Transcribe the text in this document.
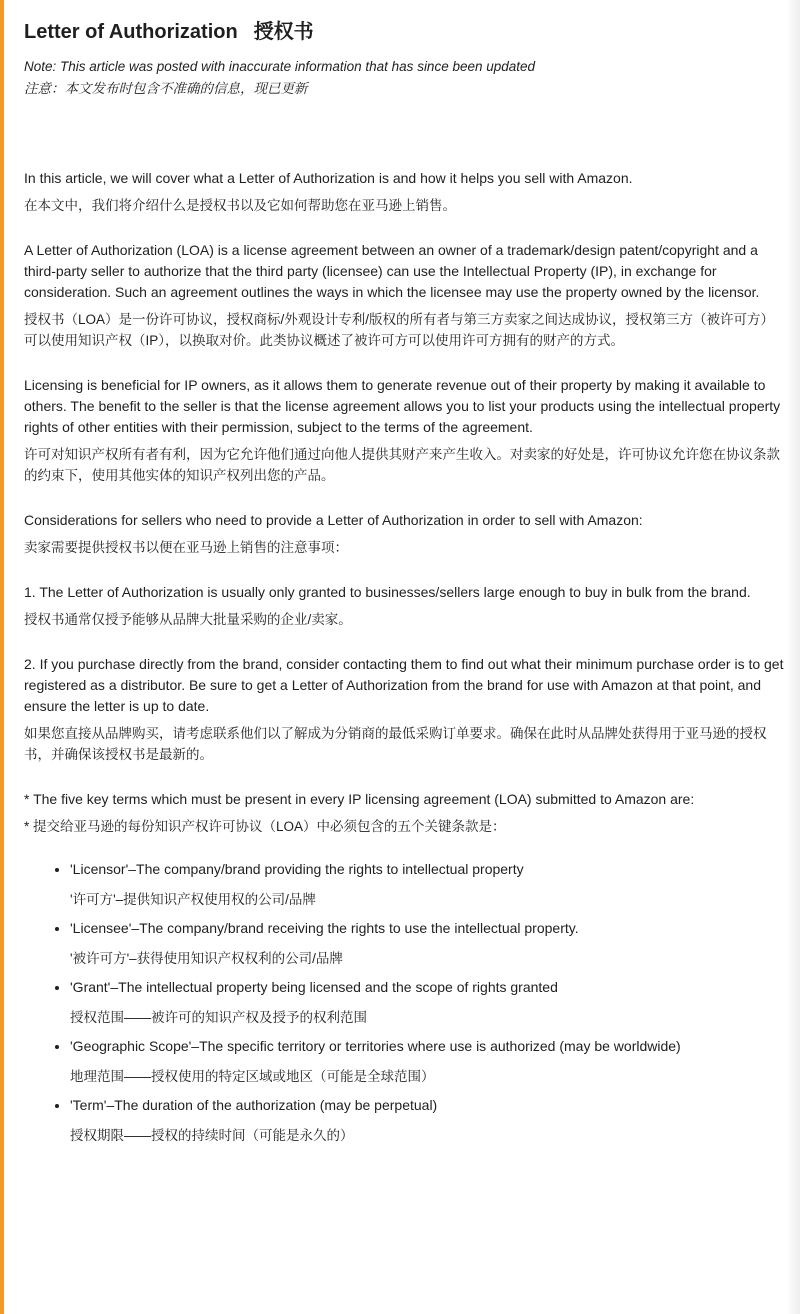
Letter of Authorization 授权书

Note: This article was posted with inaccurate information that has since been updated

注意：本文发布时包含不准确的信息，现已更新

In this article, we will cover what a Letter of Authorization is and how it helps you sell with Amazon.

在本文中，我们将介绍什么是授权书以及它如何帮助您在亚马逊上销售。

A Letter of Authorization (LOA) is a license agreement between an owner of a trademark/design patent/copyright and a third-party seller to authorize that the third party (licensee) can use the Intellectual Property (IP), in exchange for consideration. Such an agreement outlines the ways in which the licensee may use the property owned by the licensor.

授权书（LOA）是一份许可协议，授权商标/外观设计专利/版权的所有者与第三方卖家之间达成协议，授权第三方（被许可方）可以使用知识产权（IP），以换取对价。此类协议概述了被许可方可以使用许可方拥有的财产的方式。

Licensing is beneficial for IP owners, as it allows them to generate revenue out of their property by making it available to others. The benefit to the seller is that the license agreement allows you to list your products using the intellectual property rights of other entities with their permission, subject to the terms of the agreement.

许可对知识产权所有者有利，因为它允许他们通过向他人提供其财产来产生收入。对卖家的好处是，许可协议允许您在协议条款的约束下，使用其他实体的知识产权列出您的产品。

Considerations for sellers who need to provide a Letter of Authorization in order to sell with Amazon:

卖家需要提供授权书以便在亚马逊上销售的注意事项：

1. The Letter of Authorization is usually only granted to businesses/sellers large enough to buy in bulk from the brand.

授权书通常仅授予能够从品牌大批量采购的企业/卖家。

2. If you purchase directly from the brand, consider contacting them to find out what their minimum purchase order is to get registered as a distributor. Be sure to get a Letter of Authorization from the brand for use with Amazon at that point, and ensure the letter is up to date.

如果您直接从品牌购买，请考虑联系他们以了解成为分销商的最低采购订单要求。确保在此时从品牌处获得用于亚马逊的授权书，并确保该授权书是最新的。

* The five key terms which must be present in every IP licensing agreement (LOA) submitted to Amazon are:

* 提交给亚马逊的每份知识产权许可协议（LOA）中必须包含的五个关键条款是：

• 'Licensor'–The company/brand providing the rights to intellectual property
'许可方'–提供知识产权使用权的公司/品牌
• 'Licensee'–The company/brand receiving the rights to use the intellectual property.
'被许可方'–获得使用知识产权权利的公司/品牌
• 'Grant'–The intellectual property being licensed and the scope of rights granted
授权范围——被许可的知识产权及授予的权利范围
• 'Geographic Scope'–The specific territory or territories where use is authorized (may be worldwide)
地理范围——授权使用的特定区域或地区（可能是全球范围）
• 'Term'–The duration of the authorization (may be perpetual)
授权期限——授权的持续时间（可能是永久的）
